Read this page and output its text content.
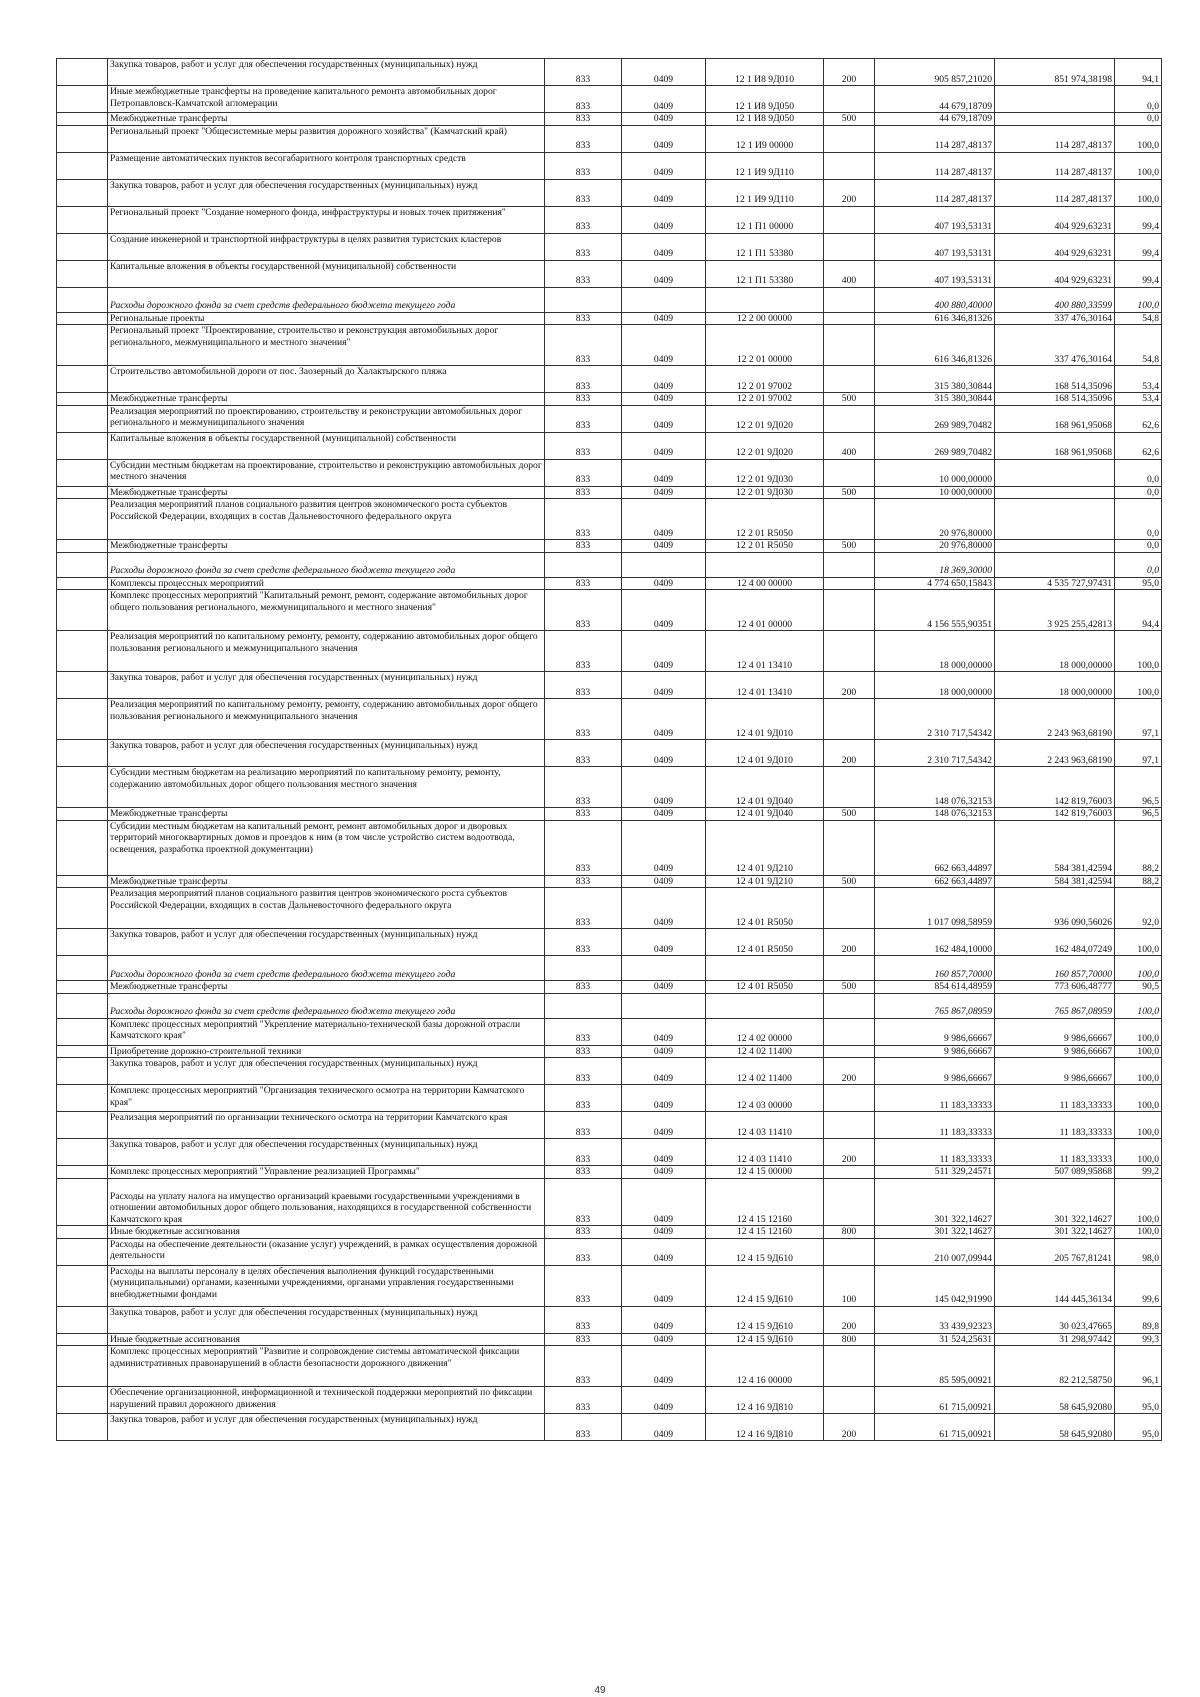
	Закупка товаров, работ и услуг для обеспечения государственных (муниципальных) нужд	833	0409	12 1 И8 9Д010	200	905 857,21020	851 974,38198	94,1
	Иные межбюджетные трансферты на проведение капитального ремонта автомобильных дорог Петропавловск-Камчатской агломерации	833	0409	12 1 И8 9Д050		44 679,18709		0,0
	Межбюджетные трансферты	833	0409	12 1 И8 9Д050	500	44 679,18709		0,0
	Региональный проект "Общесистемные меры развития дорожного хозяйства" (Камчатский край)	833	0409	12 1 И9 00000		114 287,48137	114 287,48137	100,0
	Размещение автоматических пунктов весогабаритного контроля транспортных средств	833	0409	12 1 И9 9Д110		114 287,48137	114 287,48137	100,0
	Закупка товаров, работ и услуг для обеспечения государственных (муниципальных) нужд	833	0409	12 1 И9 9Д110	200	114 287,48137	114 287,48137	100,0
	Региональный проект "Создание номерного фонда, инфраструктуры и новых точек притяжения"	833	0409	12 1 П1 00000		407 193,53131	404 929,63231	99,4
	Создание инженерной и транспортной инфраструктуры в целях развития туристских кластеров	833	0409	12 1 П1 53380		407 193,53131	404 929,63231	99,4
	Капитальные вложения в объекты государственной (муниципальной) собственности	833	0409	12 1 П1 53380	400	407 193,53131	404 929,63231	99,4
	Расходы дорожного фонда за счет средств федерального бюджета текущего года					400 880,40000	400 880,33599	100,0
	Региональные проекты	833	0409	12 2 00 00000		616 346,81326	337 476,30164	54,8
	Региональный проект "Проектирование, строительство и реконструкция автомобильных дорог регионального, межмуниципального и местного значения"	833	0409	12 2 01 00000		616 346,81326	337 476,30164	54,8
	Строительство автомобильной дороги от пос. Заозерный до Халактырского пляжа	833	0409	12 2 01 97002		315 380,30844	168 514,35096	53,4
	Межбюджетные трансферты	833	0409	12 2 01 97002	500	315 380,30844	168 514,35096	53,4
	Реализация мероприятий по проектированию, строительству и реконструкции автомобильных дорог регионального и межмуниципального значения	833	0409	12 2 01 9Д020		269 989,70482	168 961,95068	62,6
	Капитальные вложения в объекты государственной (муниципальной) собственности	833	0409	12 2 01 9Д020	400	269 989,70482	168 961,95068	62,6
	Субсидии местным бюджетам на проектирование, строительство и реконструкцию автомобильных дорог местного значения	833	0409	12 2 01 9Д030		10 000,00000		0,0
	Межбюджетные трансферты	833	0409	12 2 01 9Д030	500	10 000,00000		0,0
	Реализация мероприятий планов социального развития центров экономического роста субъектов Российской Федерации, входящих в состав Дальневосточного федерального округа	833	0409	12 2 01 R5050		20 976,80000		0,0
	Межбюджетные трансферты	833	0409	12 2 01 R5050	500	20 976,80000		0,0
	Расходы дорожного фонда за счет средств федерального бюджета текущего года					18 369,30000		0,0
	Комплексы процессных мероприятий	833	0409	12 4 00 00000		4 774 650,15843	4 535 727,97431	95,0
	Комплекс процессных мероприятий "Капитальный ремонт, ремонт, содержание автомобильных дорог общего пользования регионального, межмуниципального и местного значения"	833	0409	12 4 01 00000		4 156 555,90351	3 925 255,42813	94,4
	Реализация мероприятий по капитальному ремонту, ремонту, содержанию автомобильных дорог общего пользования регионального и межмуниципального значения	833	0409	12 4 01 13410		18 000,00000	18 000,00000	100,0
	Закупка товаров, работ и услуг для обеспечения государственных (муниципальных) нужд	833	0409	12 4 01 13410	200	18 000,00000	18 000,00000	100,0
	Реализация мероприятий по капитальному ремонту, ремонту, содержанию автомобильных дорог общего пользования регионального и межмуниципального значения	833	0409	12 4 01 9Д010		2 310 717,54342	2 243 963,68190	97,1
	Закупка товаров, работ и услуг для обеспечения государственных (муниципальных) нужд	833	0409	12 4 01 9Д010	200	2 310 717,54342	2 243 963,68190	97,1
	Субсидии местным бюджетам на реализацию мероприятий по капитальному ремонту, ремонту, содержанию автомобильных дорог общего пользования местного значения	833	0409	12 4 01 9Д040		148 076,32153	142 819,76003	96,5
	Межбюджетные трансферты	833	0409	12 4 01 9Д040	500	148 076,32153	142 819,76003	96,5
	Субсидии местным бюджетам на капитальный ремонт, ремонт автомобильных дорог и дворовых территорий многоквартирных домов и проездов к ним (в том числе устройство систем водоотвода, освещения, разработка проектной документации)	833	0409	12 4 01 9Д210		662 663,44897	584 381,42594	88,2
	Межбюджетные трансферты	833	0409	12 4 01 9Д210	500	662 663,44897	584 381,42594	88,2
	Реализация мероприятий планов социального развития центров экономического роста субъектов Российской Федерации, входящих в состав Дальневосточного федерального округа	833	0409	12 4 01 R5050		1 017 098,58959	936 090,56026	92,0
	Закупка товаров, работ и услуг для обеспечения государственных (муниципальных) нужд	833	0409	12 4 01 R5050	200	162 484,10000	162 484,07249	100,0
	Расходы дорожного фонда за счет средств федерального бюджета текущего года					160 857,70000	160 857,70000	100,0
	Межбюджетные трансферты	833	0409	12 4 01 R5050	500	854 614,48959	773 606,48777	90,5
	Расходы дорожного фонда за счет средств федерального бюджета текущего года					765 867,08959	765 867,08959	100,0
	Комплекс процессных мероприятий "Укрепление материально-технической базы дорожной отрасли Камчатского края"	833	0409	12 4 02 00000		9 986,66667	9 986,66667	100,0
	Приобретение дорожно-строительной техники	833	0409	12 4 02 11400		9 986,66667	9 986,66667	100,0
	Закупка товаров, работ и услуг для обеспечения государственных (муниципальных) нужд	833	0409	12 4 02 11400	200	9 986,66667	9 986,66667	100,0
	Комплекс процессных мероприятий "Организация технического осмотра на территории Камчатского края"	833	0409	12 4 03 00000		11 183,33333	11 183,33333	100,0
	Реализация мероприятий по организации технического осмотра на территории Камчатского края	833	0409	12 4 03 11410		11 183,33333	11 183,33333	100,0
	Закупка товаров, работ и услуг для обеспечения государственных (муниципальных) нужд	833	0409	12 4 03 11410	200	11 183,33333	11 183,33333	100,0
	Комплекс процессных мероприятий "Управление реализацией Программы"	833	0409	12 4 15 00000		511 329,24571	507 089,95868	99,2
	Расходы на уплату налога на имущество организаций краевыми государственными учреждениями в отношении автомобильных дорог общего пользования, находящихся в государственной собственности Камчатского края	833	0409	12 4 15 12160		301 322,14627	301 322,14627	100,0
	Иные бюджетные ассигнования	833	0409	12 4 15 12160	800	301 322,14627	301 322,14627	100,0
	Расходы на обеспечение деятельности (оказание услуг) учреждений, в рамках осуществления дорожной деятельности	833	0409	12 4 15 9Д610		210 007,09944	205 767,81241	98,0
	Расходы на выплаты персоналу в целях обеспечения выполнения функций государственными (муниципальными) органами, казенными учреждениями, органами управления государственными внебюджетными фондами	833	0409	12 4 15 9Д610	100	145 042,91990	144 445,36134	99,6
	Закупка товаров, работ и услуг для обеспечения государственных (муниципальных) нужд	833	0409	12 4 15 9Д610	200	33 439,92323	30 023,47665	89,8
	Иные бюджетные ассигнования	833	0409	12 4 15 9Д610	800	31 524,25631	31 298,97442	99,3
	Комплекс процессных мероприятий "Развитие и сопровождение системы автоматической фиксации административных правонарушений в области безопасности дорожного движения"	833	0409	12 4 16 00000		85 595,00921	82 212,58750	96,1
	Обеспечение организационной, информационной и технической поддержки мероприятий по фиксации нарушений правил дорожного движения	833	0409	12 4 16 9Д810		61 715,00921	58 645,92080	95,0
	Закупка товаров, работ и услуг для обеспечения государственных (муниципальных) нужд	833	0409	12 4 16 9Д810	200	61 715,00921	58 645,92080	95,0
49
